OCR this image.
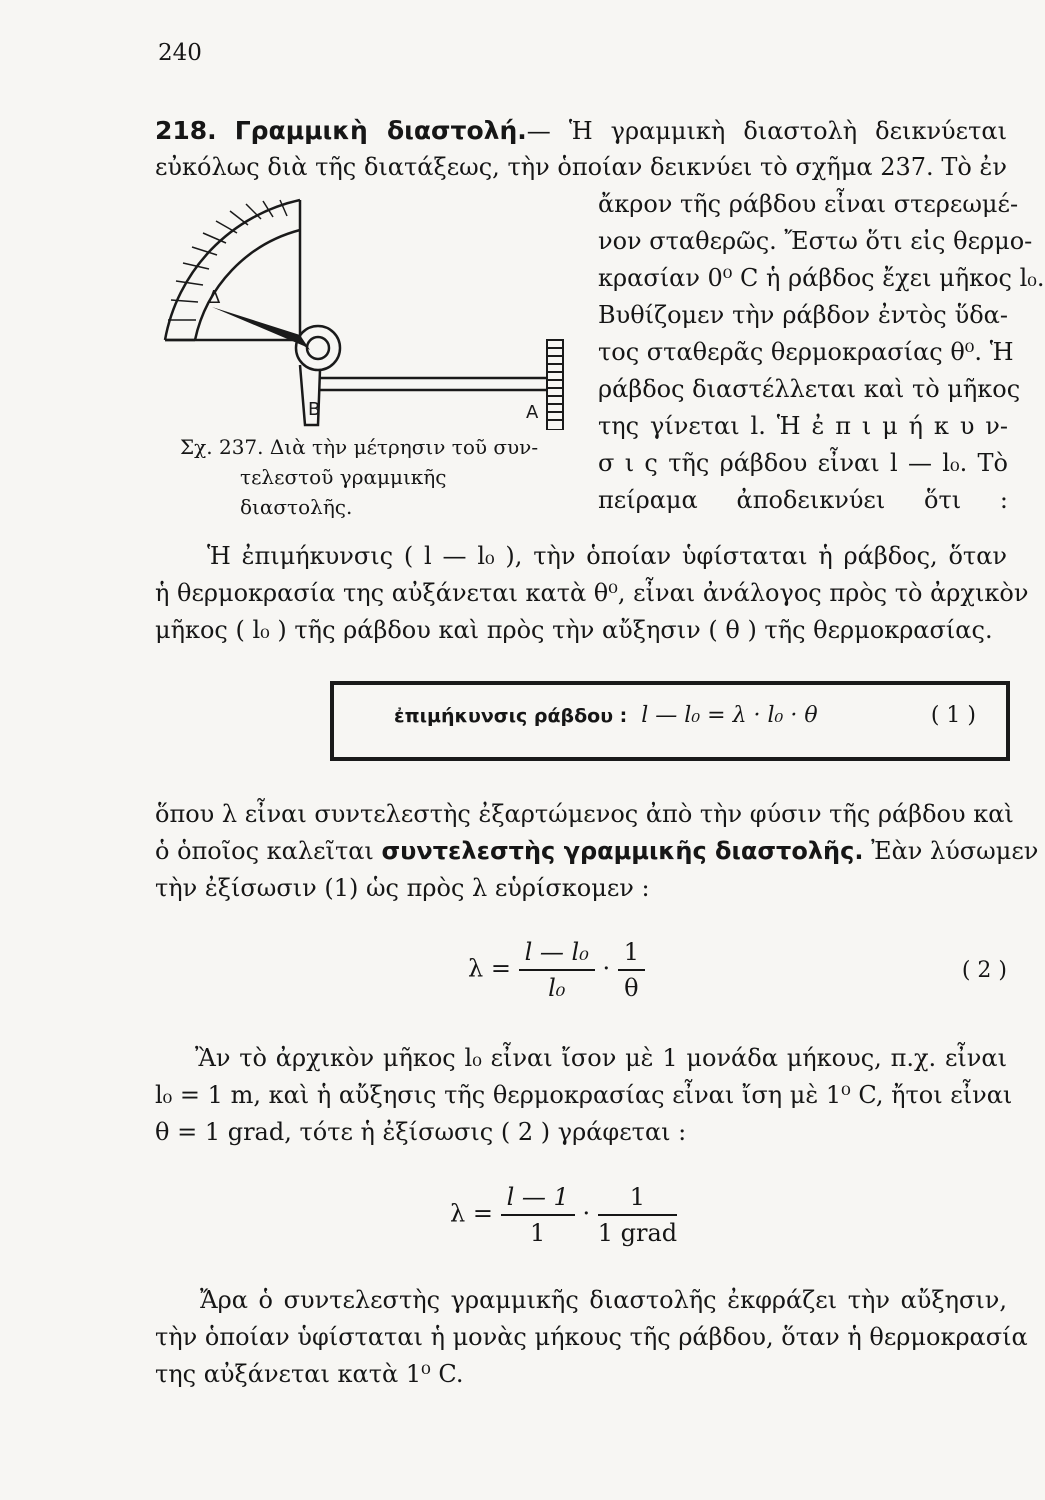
240
218. Γραμμικὴ διαστολή.— Ἡ γραμμικὴ διαστολὴ δεικνύεται
εὐκόλως διὰ τῆς διατάξεως, τὴν ὁποίαν δεικνύει τὸ σχῆμα 237. Τὸ ἐν
Δ
B	A
ἄκρον τῆς ράβδου εἶναι στερεωμέ-
νον σταθερῶς. Ἔστω ὅτι εἰς θερμο-
κρασίαν 0⁰ C ἡ ράβδος ἔχει μῆκος l₀.
Βυθίζομεν τὴν ράβδον ἐντὸς ὕδα-
τος σταθερᾶς θερμοκρασίας θ⁰. Ἡ
ράβδος διαστέλλεται καὶ τὸ μῆκος
της γίνεται l. Ἡ ἐ π ι μ ή κ υ ν-
σ ι ς τῆς ράβδου εἶναι l — l₀. Τὸ
πείραμα ἀποδεικνύει ὅτι :
Σχ. 237. Διὰ τὴν μέτρησιν τοῦ συν-
τελεστοῦ γραμμικῆς διαστολῆς.
Ἡ ἐπιμήκυνσις ( l — l₀ ), τὴν ὁποίαν ὑφίσταται ἡ ράβδος, ὅταν
ἡ θερμοκρασία της αὐξάνεται κατὰ θ⁰, εἶναι ἀνάλογος πρὸς τὸ ἀρχικὸν
μῆκος ( l₀ ) τῆς ράβδου καὶ πρὸς τὴν αὔξησιν ( θ ) τῆς θερμοκρασίας.
ἐπιμήκυνσις ράβδου : l — l₀ = λ · l₀ · θ	( 1 )
ὅπου λ εἶναι συντελεστὴς ἐξαρτώμενος ἀπὸ τὴν φύσιν τῆς ράβδου καὶ
ὁ ὁποῖος καλεῖται συντελεστὴς γραμμικῆς διαστολῆς. Ἐὰν λύσωμεν
τὴν ἐξίσωσιν (1) ὡς πρὸς λ εὑρίσκομεν :
$\lambda = \frac{\text{l — l₀}}{\text{l₀}} \cdot \frac{1}{\theta}$	( 2 )
Ἂν τὸ ἀρχικὸν μῆκος l₀ εἶναι ἴσον μὲ 1 μονάδα μήκους, π.χ. εἶναι
l₀ = 1 m, καὶ ἡ αὔξησις τῆς θερμοκρασίας εἶναι ἴση μὲ 1⁰ C, ἤτοι εἶναι
θ = 1 grad, τότε ἡ ἐξίσωσις ( 2 ) γράφεται :
$\lambda = \frac{l — 1}{1} \cdot \frac{1}{\text{1 grad}}$
Ἄρα ὁ συντελεστὴς γραμμικῆς διαστολῆς ἐκφράζει τὴν αὔξησιν,
τὴν ὁποίαν ὑφίσταται ἡ μονὰς μήκους τῆς ράβδου, ὅταν ἡ θερμοκρασία
της αὐξάνεται κατὰ 1⁰ C.
